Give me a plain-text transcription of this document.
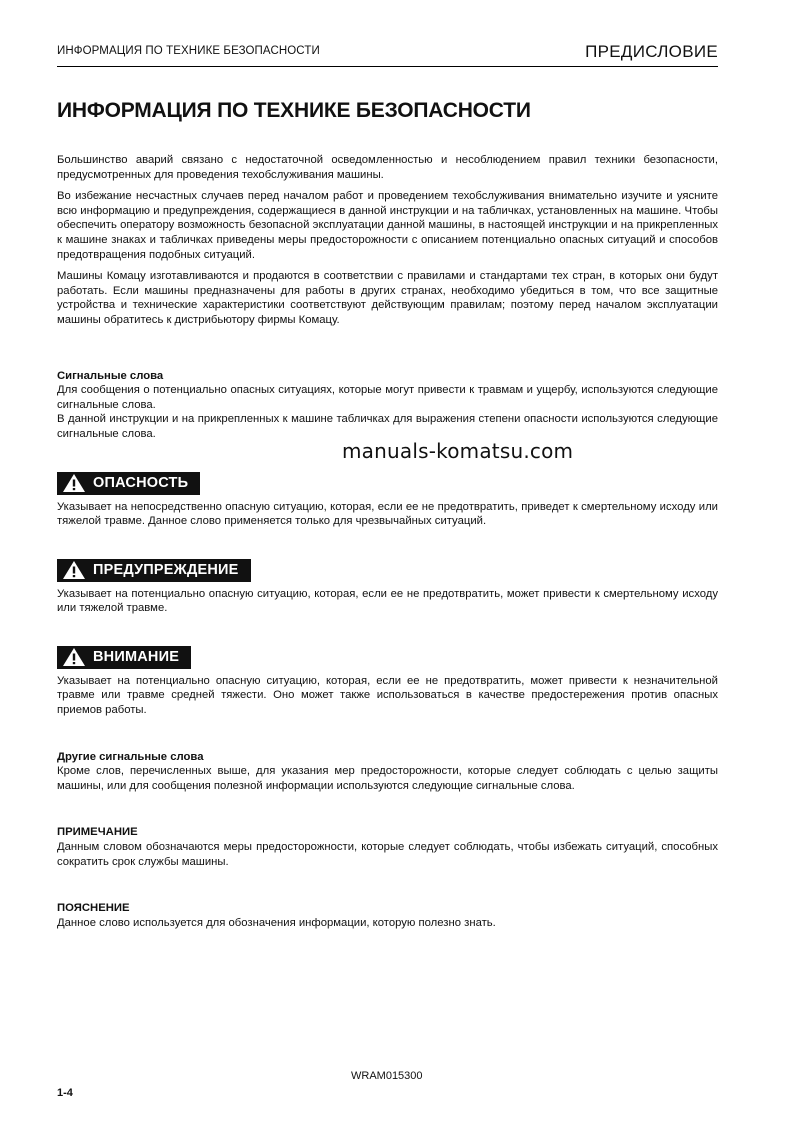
ИНФОРМАЦИЯ ПО ТЕХНИКЕ БЕЗОПАСНОСТИ	ПРЕДИСЛОВИЕ
ИНФОРМАЦИЯ ПО ТЕХНИКЕ БЕЗОПАСНОСТИ

Большинство аварий связано с недостаточной осведомленностью и несоблюдением правил техники безопасности, предусмотренных для проведения техобслуживания машины.

Во избежание несчастных случаев перед началом работ и проведением техобслуживания внимательно изучите и уясните всю информацию и предупреждения, содержащиеся в данной инструкции и на табличках, установленных на машине. Чтобы обеспечить оператору возможность безопасной эксплуатации данной машины, в настоящей инструкции и на прикрепленных к машине знаках и табличках приведены меры предосторожности с описанием потенциально опасных ситуаций и способов предотвращения подобных ситуаций.

Машины Комацу изготавливаются и продаются в соответствии с правилами и стандартами тех стран, в которых они будут работать. Если машины предназначены для работы в других странах, необходимо убедиться в том, что все защитные устройства и технические характеристики соответствуют действующим правилам; поэтому перед началом эксплуатации машины обратитесь к дистрибьютору фирмы Комацу.

Сигнальные слова
Для сообщения о потенциально опасных ситуациях, которые могут привести к травмам и ущербу, используются следующие сигнальные слова.
В данной инструкции и на прикрепленных к машине табличках для выражения степени опасности используются следующие сигнальные слова.
ОПАСНОСТЬ
Указывает на непосредственно опасную ситуацию, которая, если ее не предотвратить, приведет к смертельному исходу или тяжелой травме. Данное слово применяется только для чрезвычайных ситуаций.
ПРЕДУПРЕЖДЕНИЕ
Указывает на потенциально опасную ситуацию, которая, если ее не предотвратить, может привести к смертельному исходу или тяжелой травме.
ВНИМАНИЕ
Указывает на потенциально опасную ситуацию, которая, если ее не предотвратить, может привести к незначительной травме или травме средней тяжести. Оно может также использоваться в качестве предостережения против опасных приемов работы.
Другие сигнальные слова
Кроме слов, перечисленных выше, для указания мер предосторожности, которые следует соблюдать с целью защиты машины, или для сообщения полезной информации используются следующие сигнальные слова.
ПРИМЕЧАНИЕ
Данным словом обозначаются меры предосторожности, которые следует соблюдать, чтобы избежать ситуаций, способных сократить срок службы машины.
ПОЯСНЕНИЕ
Данное слово используется для обозначения информации, которую полезно знать.
manuals-komatsu.com
WRAM015300
1-4
